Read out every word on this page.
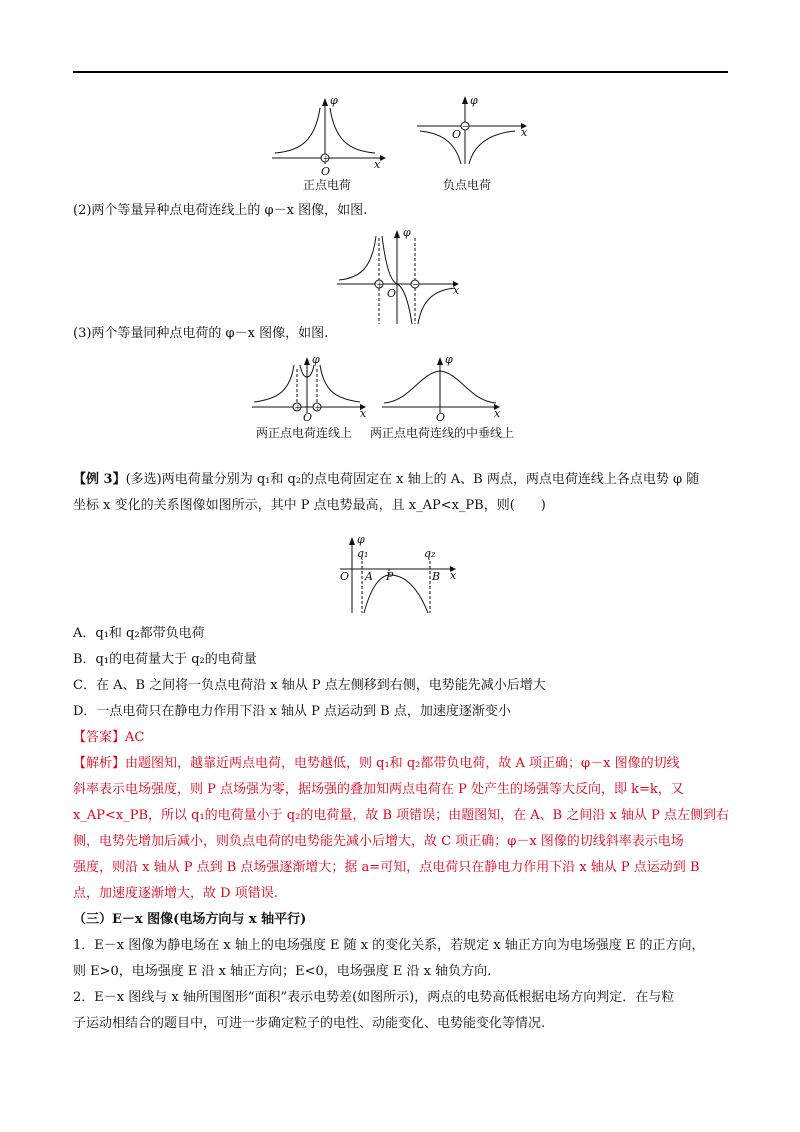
+
φ
x
O
正点电荷
−
φ
x
O
负点电荷
(2)两个等量异种点电荷连线上的 φ－x 图像，如图.
+	−
φ
x
O
(3)两个等量同种点电荷的 φ－x 图像，如图.
+ +
φ
x
O
两正点电荷连线上
φ
x
O
两正点电荷连线的中垂线上
【例 3】(多选)两电荷量分别为 q₁和 q₂的点电荷固定在 x 轴上的 A、B 两点，两点电荷连线上各点电势 φ 随
坐标 x 变化的关系图像如图所示，其中 P 点电势最高，且 x_AP<x_PB，则(　　)
q₁	q₂
A P	B
O	x
φ
A．q₁和 q₂都带负电荷
B．q₁的电荷量大于 q₂的电荷量
C．在 A、B 之间将一负点电荷沿 x 轴从 P 点左侧移到右侧，电势能先减小后增大
D．一点电荷只在静电力作用下沿 x 轴从 P 点运动到 B 点，加速度逐渐变小
【答案】AC
【解析】由题图知，越靠近两点电荷，电势越低，则 q₁和 q₂都带负电荷，故 A 项正确；φ－x 图像的切线
斜率表示电场强度，则 P 点场强为零，据场强的叠加知两点电荷在 P 处产生的场强等大反向，即 k=k，又
x_AP<x_PB，所以 q₁的电荷量小于 q₂的电荷量，故 B 项错误；由题图知，在 A、B 之间沿 x 轴从 P 点左侧到右
侧，电势先增加后减小，则负点电荷的电势能先减小后增大，故 C 项正确；φ－x 图像的切线斜率表示电场
强度，则沿 x 轴从 P 点到 B 点场强逐渐增大；据 a=可知，点电荷只在静电力作用下沿 x 轴从 P 点运动到 B
点，加速度逐渐增大，故 D 项错误.
（三）E－x 图像(电场方向与 x 轴平行)
1．E－x 图像为静电场在 x 轴上的电场强度 E 随 x 的变化关系，若规定 x 轴正方向为电场强度 E 的正方向，
则 E>0，电场强度 E 沿 x 轴正方向；E<0，电场强度 E 沿 x 轴负方向.
2．E－x 图线与 x 轴所围图形“面积”表示电势差(如图所示)，两点的电势高低根据电场方向判定．在与粒
子运动相结合的题目中，可进一步确定粒子的电性、动能变化、电势能变化等情况.
